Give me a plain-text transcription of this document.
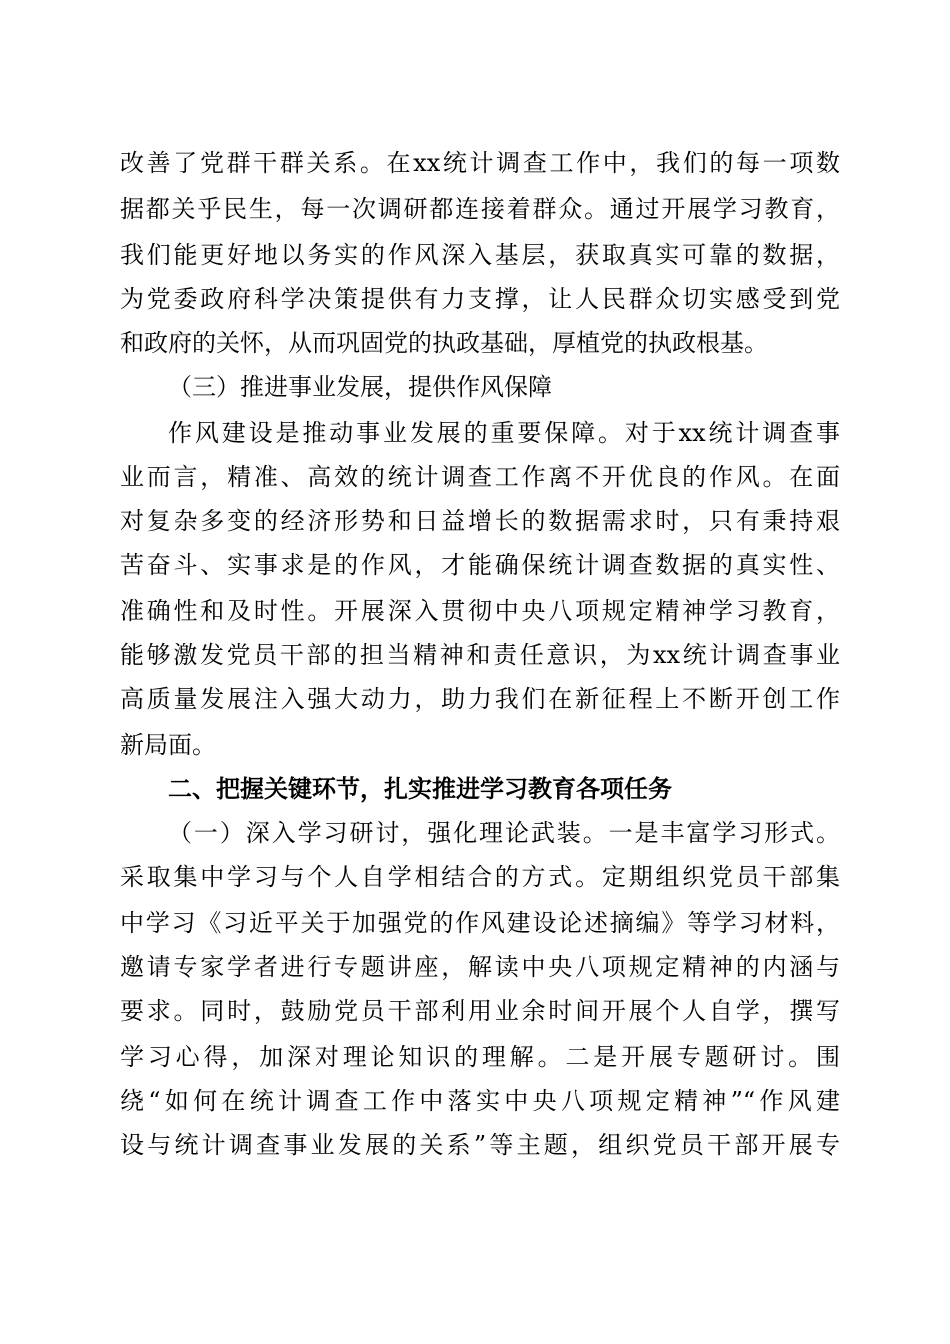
改善了党群干群关系。在xx统计调查工作中，我们的每一项数
据都关乎民生，每一次调研都连接着群众。通过开展学习教育，
我们能更好地以务实的作风深入基层，获取真实可靠的数据，
为党委政府科学决策提供有力支撑，让人民群众切实感受到党
和政府的关怀，从而巩固党的执政基础，厚植党的执政根基。
（三）推进事业发展，提供作风保障
作风建设是推动事业发展的重要保障。对于xx统计调查事
业而言，精准、高效的统计调查工作离不开优良的作风。在面
对复杂多变的经济形势和日益增长的数据需求时，只有秉持艰
苦奋斗、实事求是的作风，才能确保统计调查数据的真实性、
准确性和及时性。开展深入贯彻中央八项规定精神学习教育，
能够激发党员干部的担当精神和责任意识，为xx统计调查事业
高质量发展注入强大动力，助力我们在新征程上不断开创工作
新局面。
二、把握关键环节，扎实推进学习教育各项任务
（一）深入学习研讨，强化理论武装。一是丰富学习形式。
采取集中学习与个人自学相结合的方式。定期组织党员干部集
中学习《习近平关于加强党的作风建设论述摘编》等学习材料，
邀请专家学者进行专题讲座，解读中央八项规定精神的内涵与
要求。同时，鼓励党员干部利用业余时间开展个人自学，撰写
学习心得，加深对理论知识的理解。二是开展专题研讨。围
绕“如何在统计调查工作中落实中央八项规定精神”“作风建
设与统计调查事业发展的关系”等主题，组织党员干部开展专
